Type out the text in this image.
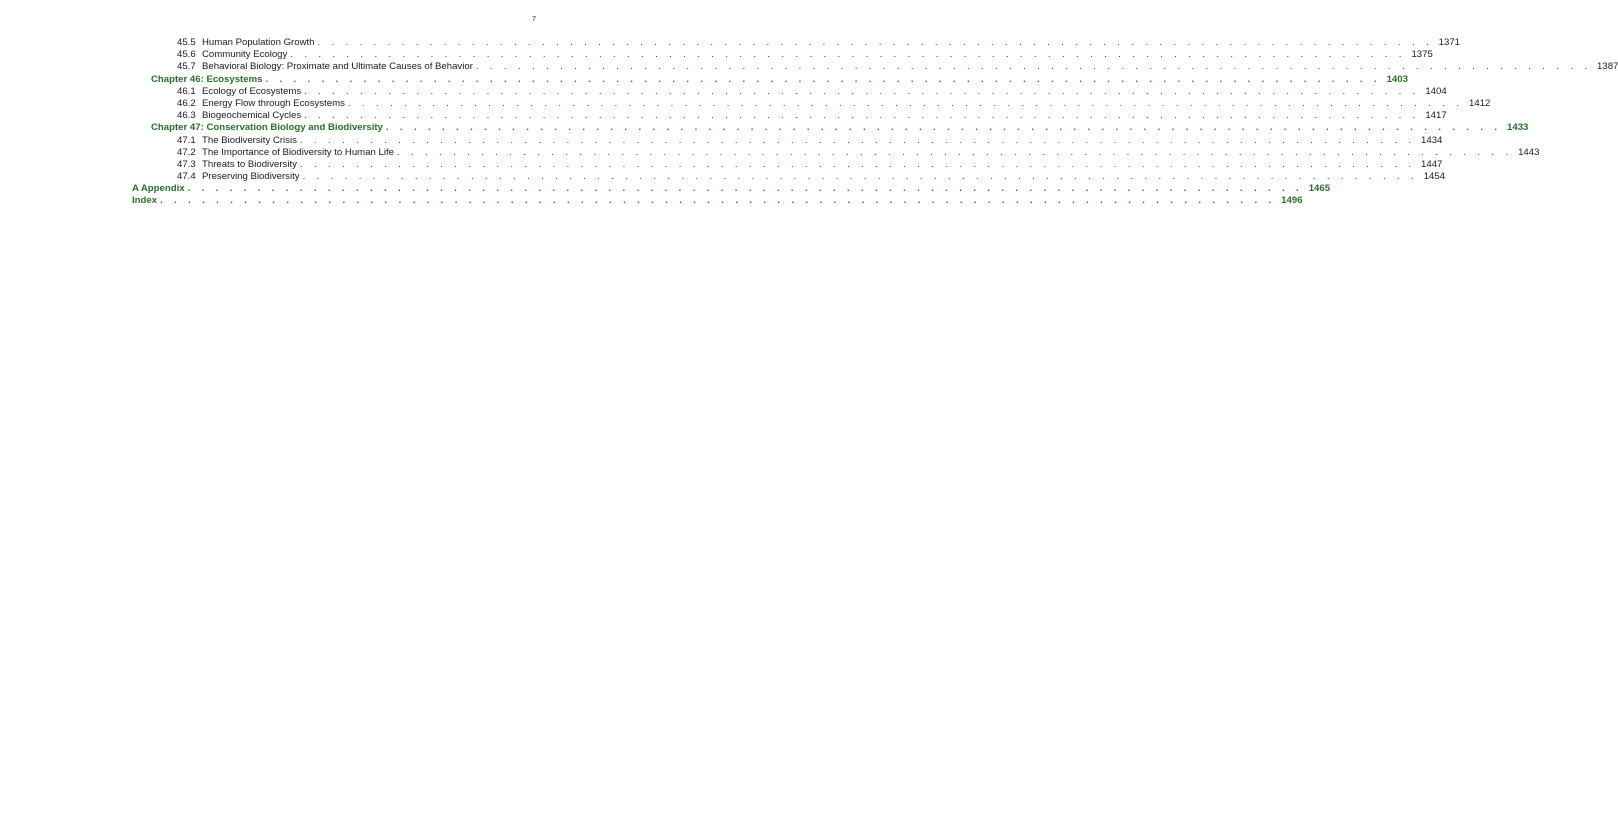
7
45.5 Human Population Growth . . . . . . . . . . . . . . . . . . . . . . . . . . . . . . . . . . . . . . . . . . . . . . . . . . . . . . . . . . . . . . . . . . . . . . . . . . . . . . . . 1371
45.6 Community Ecology . . . . . . . . . . . . . . . . . . . . . . . . . . . . . . . . . . . . . . . . . . . . . . . . . . . . . . . . . . . . . . . . . . . . . . . . . . . . . . . . 1375
45.7 Behavioral Biology: Proximate and Ultimate Causes of Behavior . . . . . . . . . . . . . . . . . . . . . . . . . . . . . . . . . . . . . . . . . . . . . . . . . . . . . . . . . . . . . . . . . . . . . . . . . . . . . . . . 1387
Chapter 46: Ecosystems . . . . . . . . . . . . . . . . . . . . . . . . . . . . . . . . . . . . . . . . . . . . . . . . . . . . . . . . . . . . . . . . . . . . . . . . . . . . . . . . 1403
46.1 Ecology of Ecosystems . . . . . . . . . . . . . . . . . . . . . . . . . . . . . . . . . . . . . . . . . . . . . . . . . . . . . . . . . . . . . . . . . . . . . . . . . . . . . . . . 1404
46.2 Energy Flow through Ecosystems . . . . . . . . . . . . . . . . . . . . . . . . . . . . . . . . . . . . . . . . . . . . . . . . . . . . . . . . . . . . . . . . . . . . . . . . . . . . . . . . 1412
46.3 Biogeochemical Cycles . . . . . . . . . . . . . . . . . . . . . . . . . . . . . . . . . . . . . . . . . . . . . . . . . . . . . . . . . . . . . . . . . . . . . . . . . . . . . . . . 1417
Chapter 47: Conservation Biology and Biodiversity . . . . . . . . . . . . . . . . . . . . . . . . . . . . . . . . . . . . . . . . . . . . . . . . . . . . . . . . . . . . . . . . . . . . . . . . . . . . . . . . 1433
47.1 The Biodiversity Crisis . . . . . . . . . . . . . . . . . . . . . . . . . . . . . . . . . . . . . . . . . . . . . . . . . . . . . . . . . . . . . . . . . . . . . . . . . . . . . . . . 1434
47.2 The Importance of Biodiversity to Human Life . . . . . . . . . . . . . . . . . . . . . . . . . . . . . . . . . . . . . . . . . . . . . . . . . . . . . . . . . . . . . . . . . . . . . . . . . . . . . . . . 1443
47.3 Threats to Biodiversity . . . . . . . . . . . . . . . . . . . . . . . . . . . . . . . . . . . . . . . . . . . . . . . . . . . . . . . . . . . . . . . . . . . . . . . . . . . . . . . . 1447
47.4 Preserving Biodiversity . . . . . . . . . . . . . . . . . . . . . . . . . . . . . . . . . . . . . . . . . . . . . . . . . . . . . . . . . . . . . . . . . . . . . . . . . . . . . . . . 1454
A Appendix . . . . . . . . . . . . . . . . . . . . . . . . . . . . . . . . . . . . . . . . . . . . . . . . . . . . . . . . . . . . . . . . . . . . . . . . . . . . . . . . 1465
Index . . . . . . . . . . . . . . . . . . . . . . . . . . . . . . . . . . . . . . . . . . . . . . . . . . . . . . . . . . . . . . . . . . . . . . . . . . . . . . . . 1496
